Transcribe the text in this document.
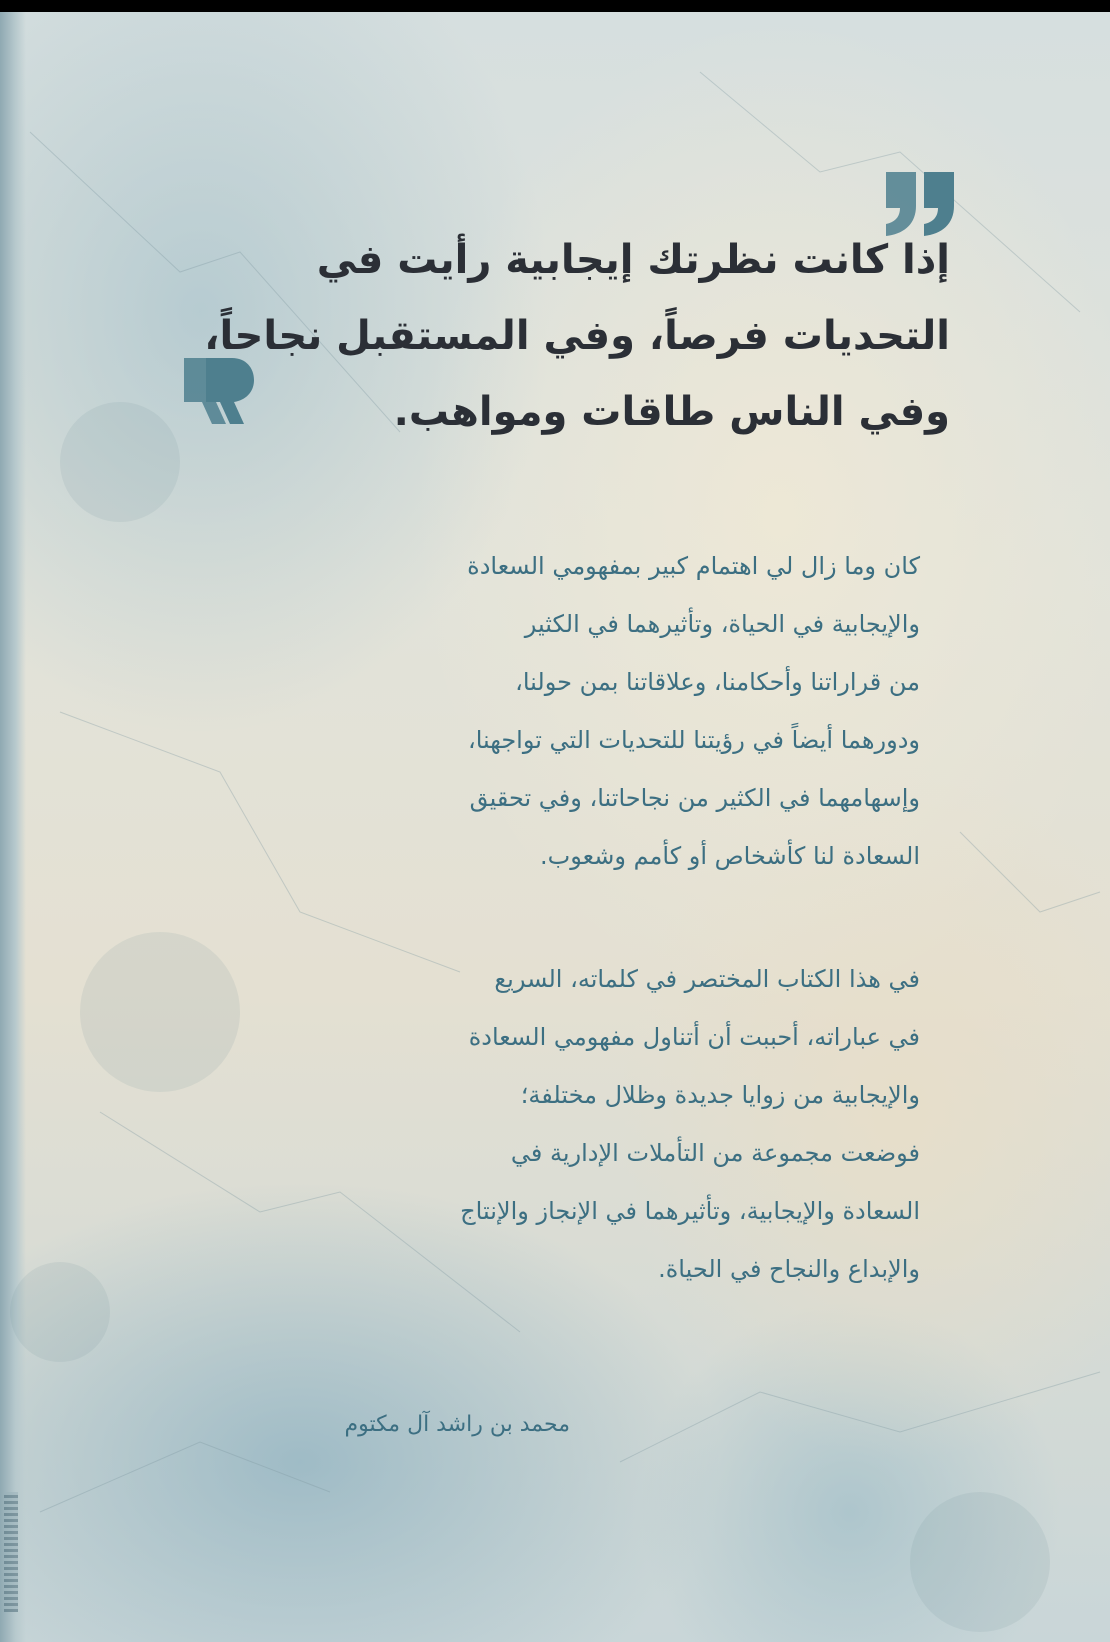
إذا كانت نظرتك إيجابية رأيت في
التحديات فرصاً، وفي المستقبل نجاحاً،
وفي الناس طاقات ومواهب.
كان وما زال لي اهتمام كبير بمفهومي السعادة
والإيجابية في الحياة، وتأثيرهما في الكثير
من قراراتنا وأحكامنا، وعلاقاتنا بمن حولنا،
ودورهما أيضاً في رؤيتنا للتحديات التي تواجهنا،
وإسهامهما في الكثير من نجاحاتنا، وفي تحقيق
السعادة لنا كأشخاص أو كأمم وشعوب.
في هذا الكتاب المختصر في كلماته، السريع
في عباراته، أحببت أن أتناول مفهومي السعادة
والإيجابية من زوايا جديدة وظلال مختلفة؛
فوضعت مجموعة من التأملات الإدارية في
السعادة والإيجابية، وتأثيرهما في الإنجاز والإنتاج
والإبداع والنجاح في الحياة.
محمد بن راشد آل مكتوم
